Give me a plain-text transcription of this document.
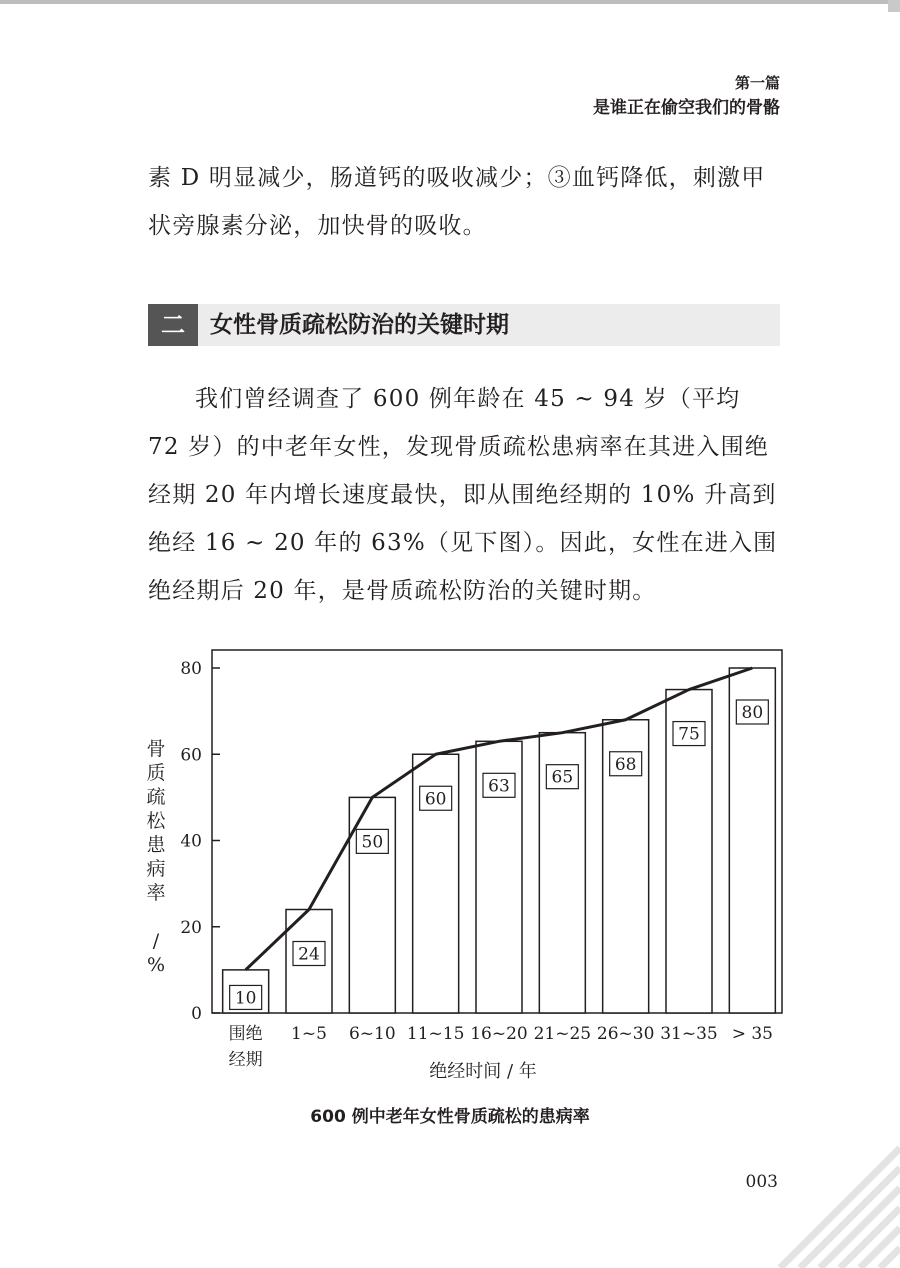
第一篇
是谁正在偷空我们的骨骼

素 D 明显减少，肠道钙的吸收减少；③血钙降低，刺激甲状旁腺素分泌，加快骨的吸收。

二	女性骨质疏松防治的关键时期

我们曾经调查了 600 例年龄在 45 ~ 94 岁（平均 72 岁）的中老年女性，发现骨质疏松患病率在其进入围绝经期 20 年内增长速度最快，即从围绝经期的 10% 升高到绝经 16 ~ 20 年的 63%（见下图）。因此，女性在进入围绝经期后 20 年，是骨质疏松防治的关键时期。

0
20
40
60
80
骨质疏松患病率 / %
10
围绝
经期
24
1~5
50
6~10
60
11~15
63
16~20
65
21~25
68
26~30
75
31~35
80
> 35
绝经时间 / 年
600 例中老年女性骨质疏松的患病率
003
